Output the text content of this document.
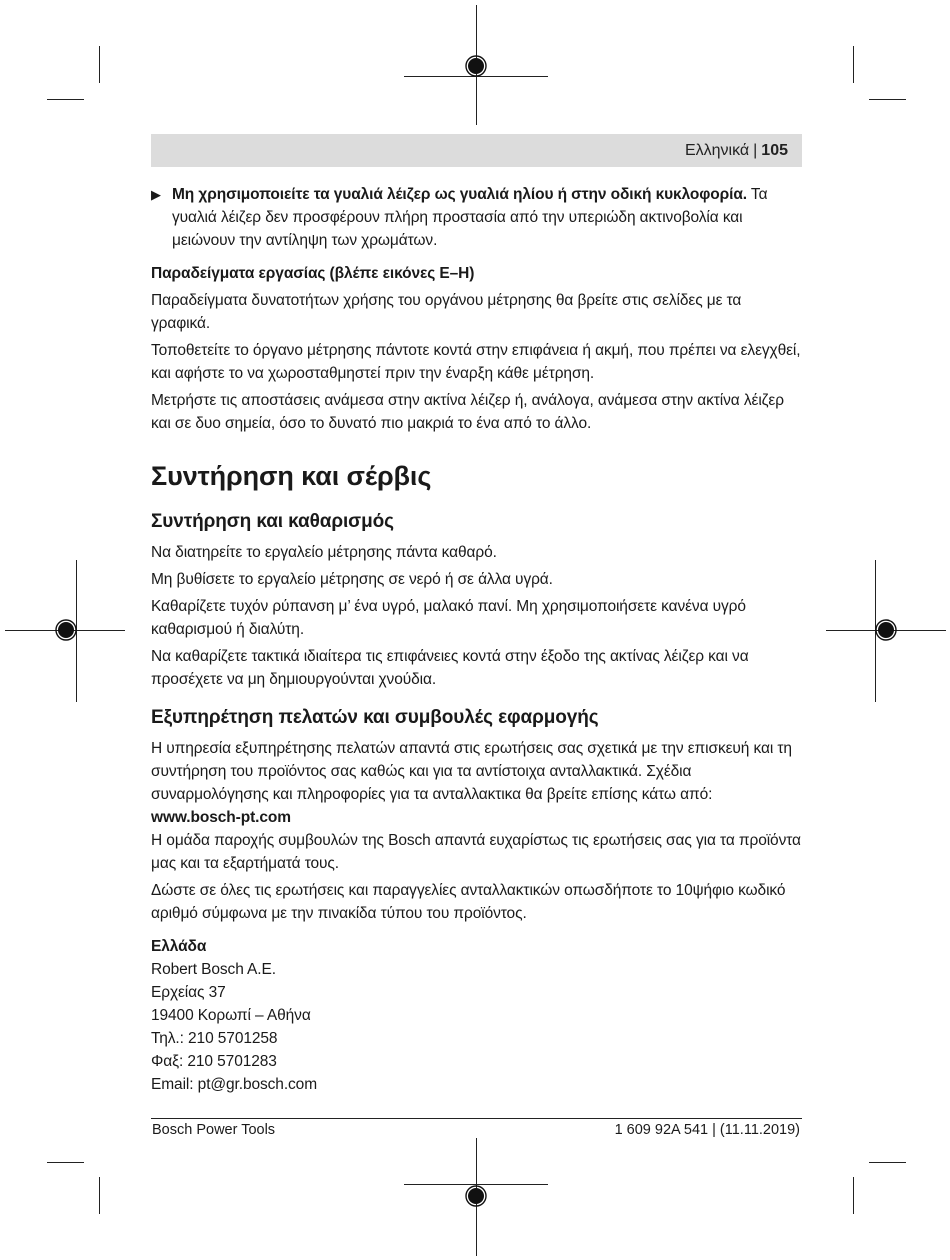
Ελληνικά | 105
▶ Μη χρησιμοποιείτε τα γυαλιά λέιζερ ως γυαλιά ηλίου ή στην οδική κυκλοφορία. Τα γυαλιά λέιζερ δεν προσφέρουν πλήρη προστασία από την υπεριώδη ακτινοβολία και μειώνουν την αντίληψη των χρωμάτων.
Παραδείγματα εργασίας (βλέπε εικόνες E–H)

Παραδείγματα δυνατοτήτων χρήσης του οργάνου μέτρησης θα βρείτε στις σελίδες με τα γραφικά.

Τοποθετείτε το όργανο μέτρησης πάντοτε κοντά στην επιφάνεια ή ακμή, που πρέπει να ελεγχθεί, και αφήστε το να χωροσταθμηστεί πριν την έναρξη κάθε μέτρηση.

Μετρήστε τις αποστάσεις ανάμεσα στην ακτίνα λέιζερ ή, ανάλογα, ανάμεσα στην ακτίνα λέιζερ και σε δυο σημεία, όσο το δυνατό πιο μακριά το ένα από το άλλο.

Συντήρηση και σέρβις
Συντήρηση και καθαρισμός

Να διατηρείτε το εργαλείο μέτρησης πάντα καθαρό.

Μη βυθίσετε το εργαλείο μέτρησης σε νερό ή σε άλλα υγρά.

Καθαρίζετε τυχόν ρύπανση μ’ ένα υγρό, μαλακό πανί. Μη χρησιμοποιήσετε κανένα υγρό καθαρισμού ή διαλύτη.

Να καθαρίζετε τακτικά ιδιαίτερα τις επιφάνειες κοντά στην έξοδο της ακτίνας λέιζερ και να προσέχετε να μη δημιουργούνται χνούδια.

Εξυπηρέτηση πελατών και συμβουλές εφαρμογής

Η υπηρεσία εξυπηρέτησης πελατών απαντά στις ερωτήσεις σας σχετικά με την επισκευή και τη συντήρηση του προϊόντος σας καθώς και για τα αντίστοιχα ανταλλακτικά. Σχέδια συναρμολόγησης και πληροφορίες για τα ανταλλακτικα θα βρείτε επίσης κάτω από:

www.bosch-pt.com

Η ομάδα παροχής συμβουλών της Bosch απαντά ευχαρίστως τις ερωτήσεις σας για τα προϊόντα μας και τα εξαρτήματά τους.

Δώστε σε όλες τις ερωτήσεις και παραγγελίες ανταλλακτικών οπωσδήποτε το 10ψήφιο κωδικό αριθμό σύμφωνα με την πινακίδα τύπου του προϊόντος.

Ελλάδα
Robert Bosch A.E.
Ερχείας 37
19400 Κορωπί – Αθήνα
Τηλ.: 210 5701258
Φαξ: 210 5701283
Email: pt@gr.bosch.com
Bosch Power Tools	1 609 92A 541 | (11.11.2019)
